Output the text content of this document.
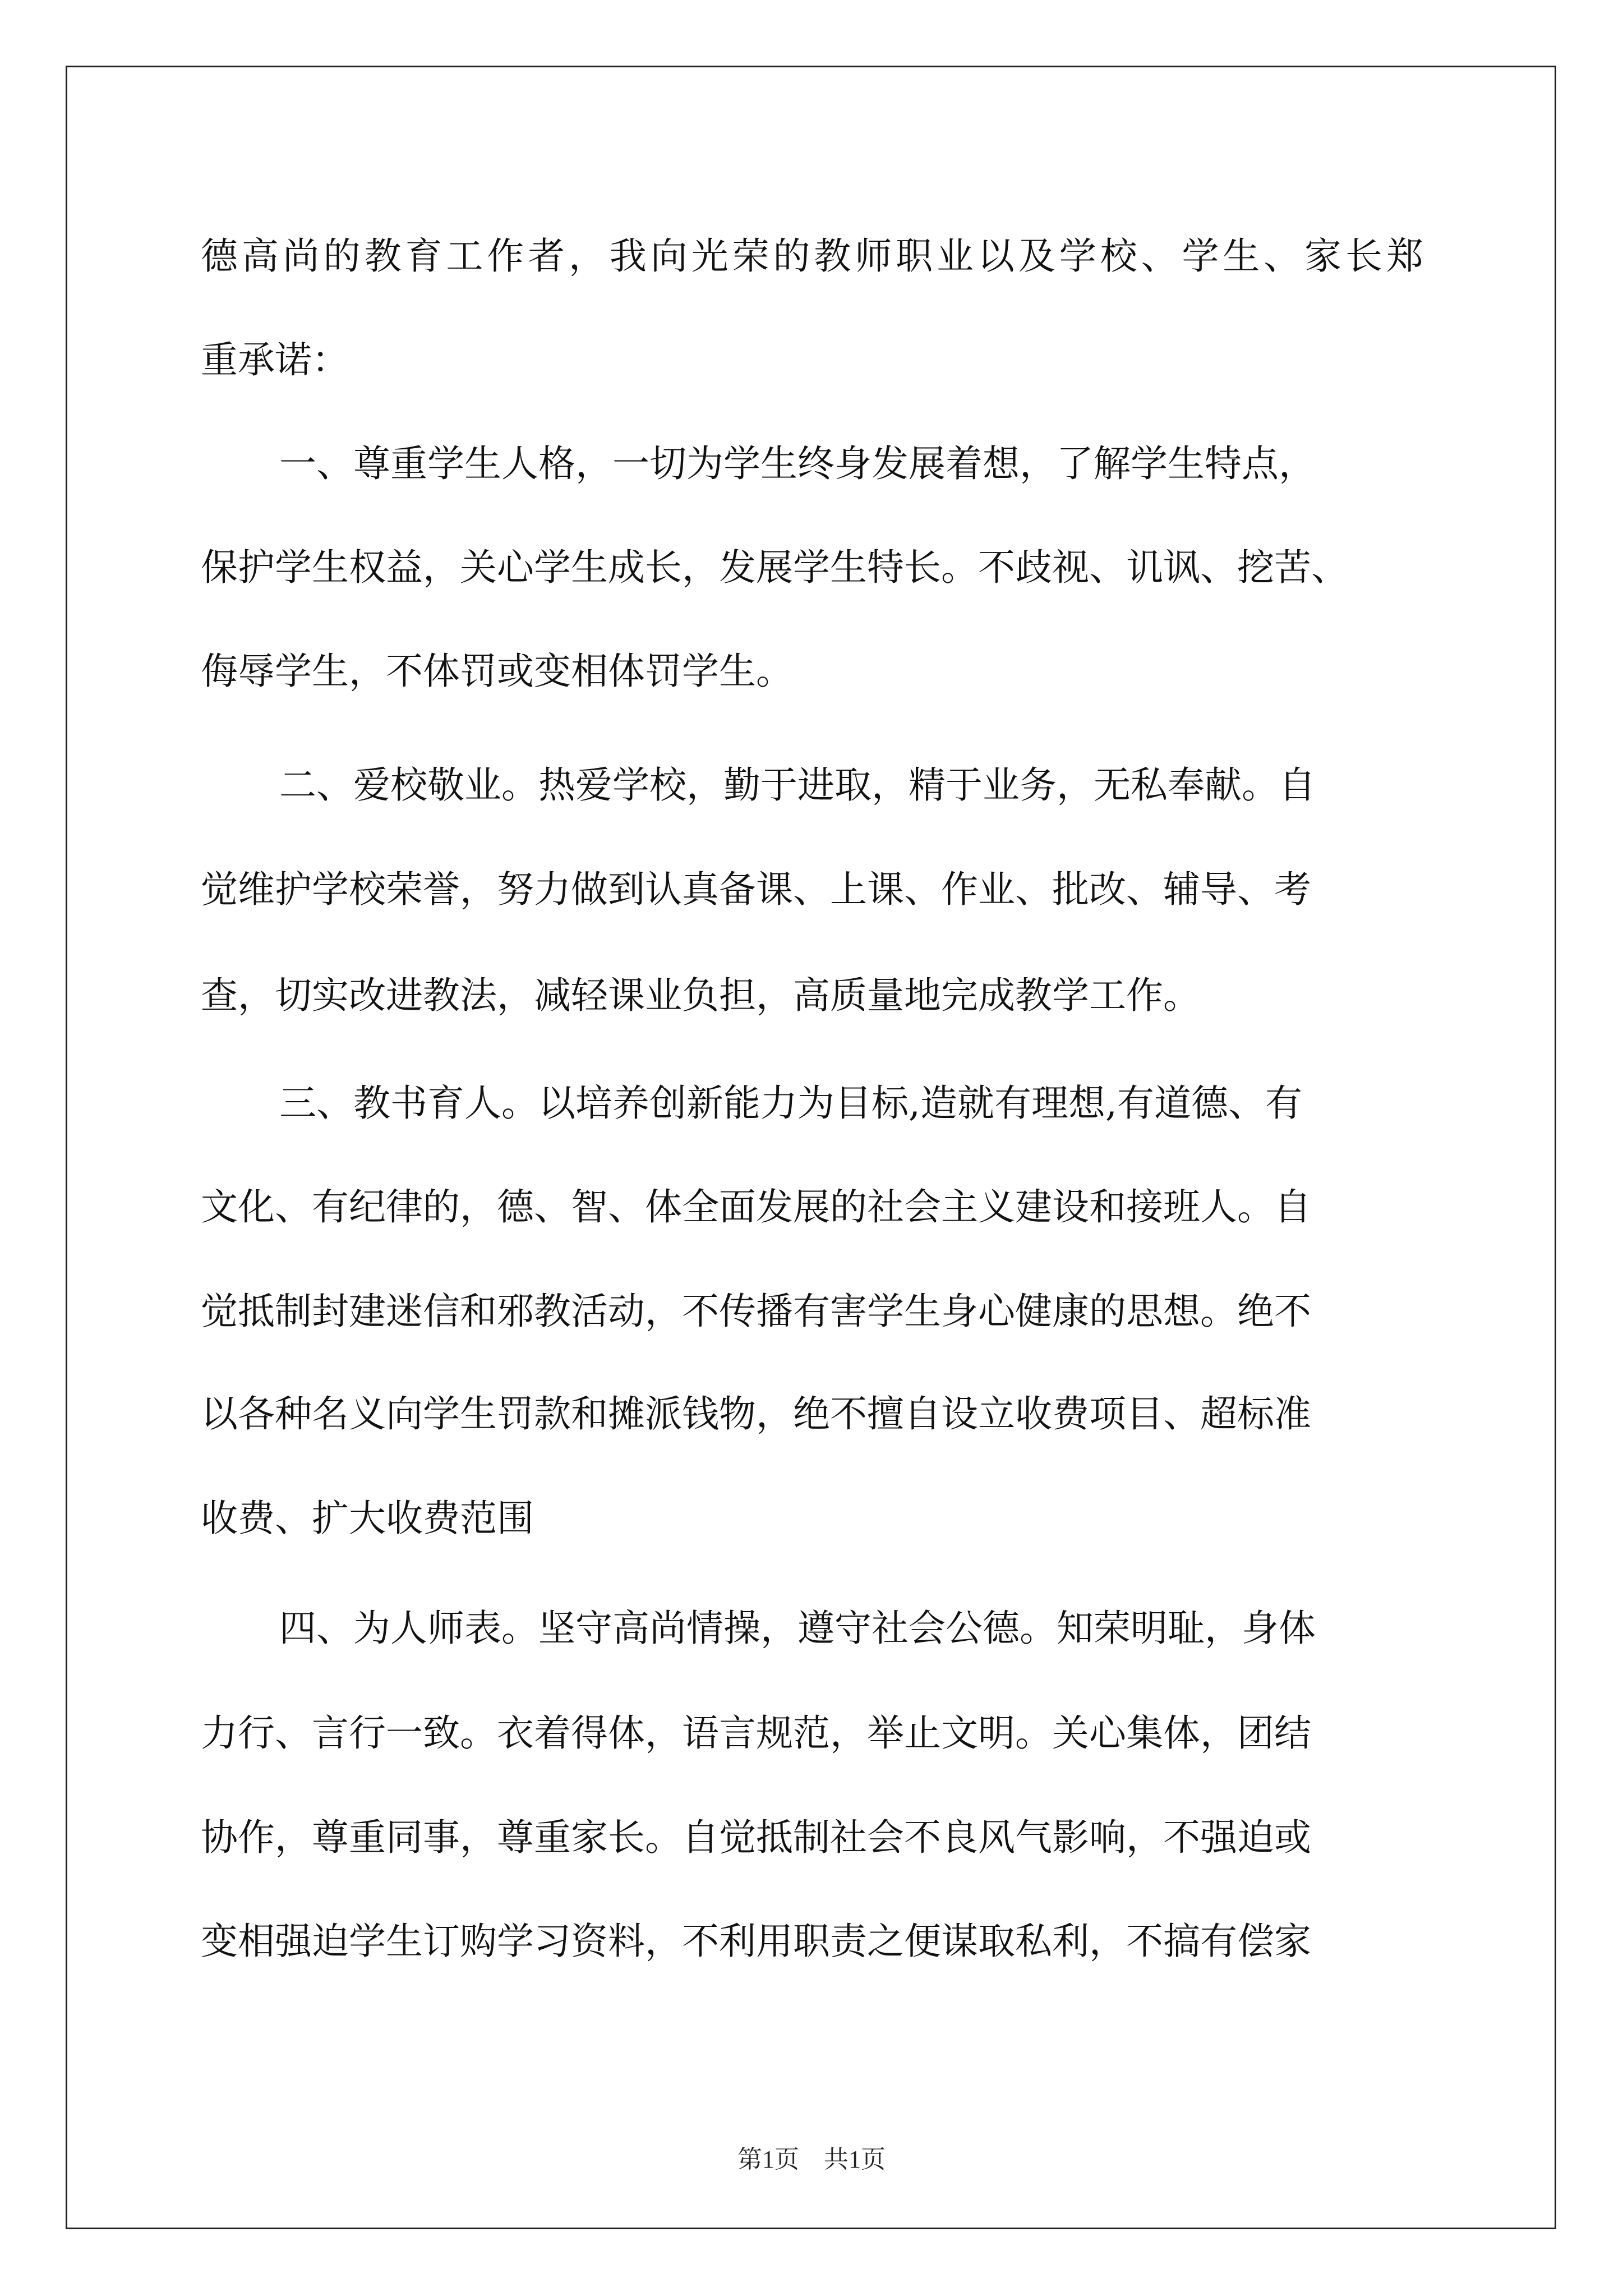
德 高 尚 的 教 育 工 作 者 ， 我 向 光 荣 的 教 师 职 业 以 及 学 校 、 学 生 、 家 长 郑
重承诺：
一、尊重学生人格，一切为学生终身发展着想，了解学生特点，
保护学生权益，关心学生成长，发展学生特长。不歧视、讥讽、挖苦、
侮辱学生，不体罚或变相体罚学生。
二、爱校敬业。热爱学校，勤于进取，精于业务，无私奉献。自
觉维护学校荣誉，努力做到认真备课、上课、作业、批改、辅导、考
查，切实改进教法，减轻课业负担，高质量地完成教学工作。
三、教书育人。以培养创新能力为目标,造就有理想,有道德、有
文化、有纪律的，德、智、体全面发展的社会主义建设和接班人。自
觉抵制封建迷信和邪教活动，不传播有害学生身心健康的思想。绝不
以各种名义向学生罚款和摊派钱物，绝不擅自设立收费项目、超标准
收费、扩大收费范围
四、为人师表。坚守高尚情操，遵守社会公德。知荣明耻，身体
力行、言行一致。衣着得体，语言规范，举止文明。关心集体，团结
协作，尊重同事，尊重家长。自觉抵制社会不良风气影响，不强迫或
变相强迫学生订购学习资料，不利用职责之便谋取私利，不搞有偿家
第1页 共1页
